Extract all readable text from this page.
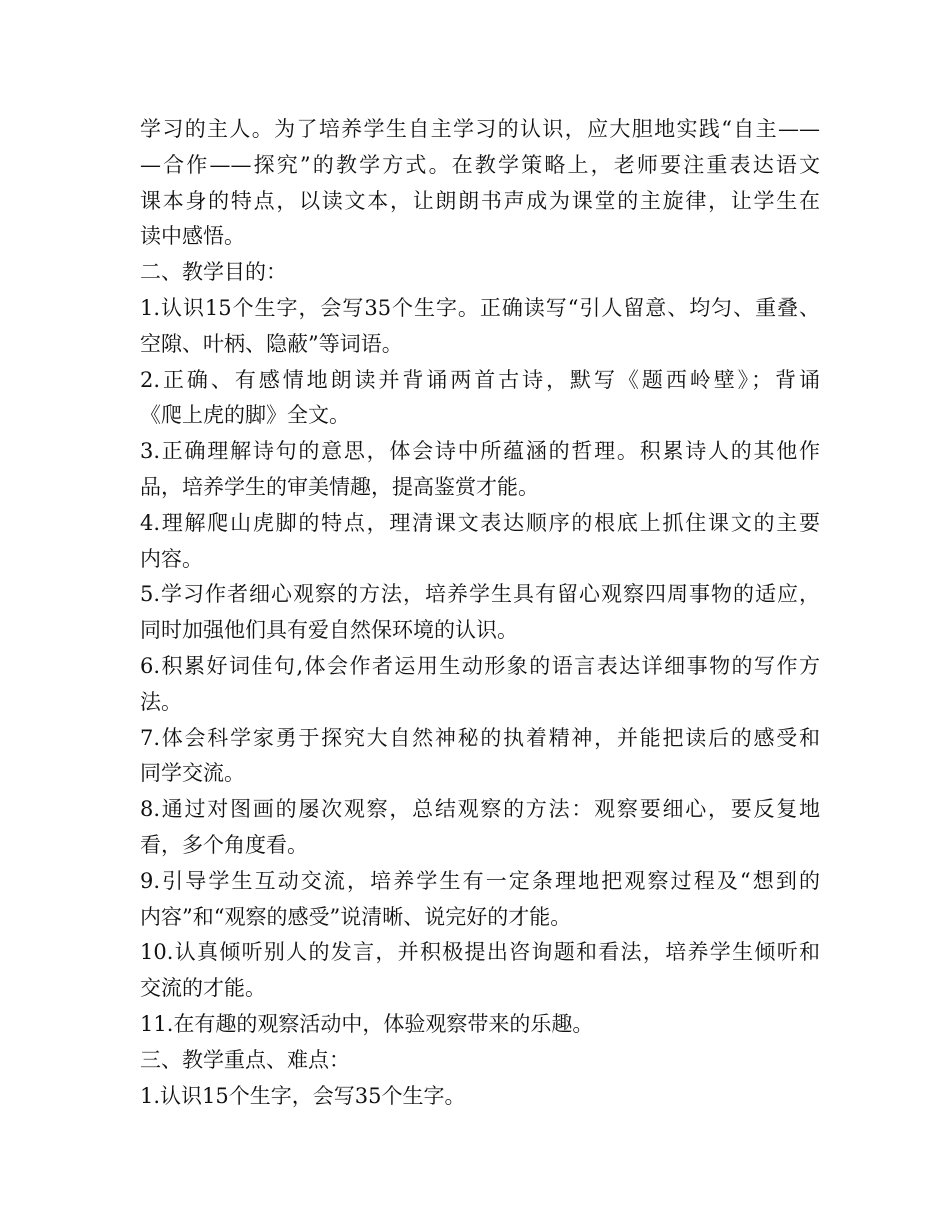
学习的主人。为了培养学生自主学习的认识，应大胆地实践“自主——
—合作——探究”的教学方式。在教学策略上，老师要注重表达语文
课本身的特点，以读文本，让朗朗书声成为课堂的主旋律，让学生在
读中感悟。
二、教学目的：
1.认识15个生字，会写35个生字。正确读写“引人留意、均匀、重叠、
空隙、叶柄、隐蔽”等词语。
2.正确、有感情地朗读并背诵两首古诗，默写《题西岭壁》；背诵
《爬上虎的脚》全文。
3.正确理解诗句的意思，体会诗中所蕴涵的哲理。积累诗人的其他作
品，培养学生的审美情趣，提高鉴赏才能。
4.理解爬山虎脚的特点，理清课文表达顺序的根底上抓住课文的主要
内容。
5.学习作者细心观察的方法，培养学生具有留心观察四周事物的适应，
同时加强他们具有爱自然保环境的认识。
6.积累好词佳句,体会作者运用生动形象的语言表达详细事物的写作方
法。
7.体会科学家勇于探究大自然神秘的执着精神，并能把读后的感受和
同学交流。
8.通过对图画的屡次观察，总结观察的方法：观察要细心，要反复地
看，多个角度看。
9.引导学生互动交流，培养学生有一定条理地把观察过程及“想到的
内容”和“观察的感受”说清晰、说完好的才能。
10.认真倾听别人的发言，并积极提出咨询题和看法，培养学生倾听和
交流的才能。
11.在有趣的观察活动中，体验观察带来的乐趣。
三、教学重点、难点：
1.认识15个生字，会写35个生字。
